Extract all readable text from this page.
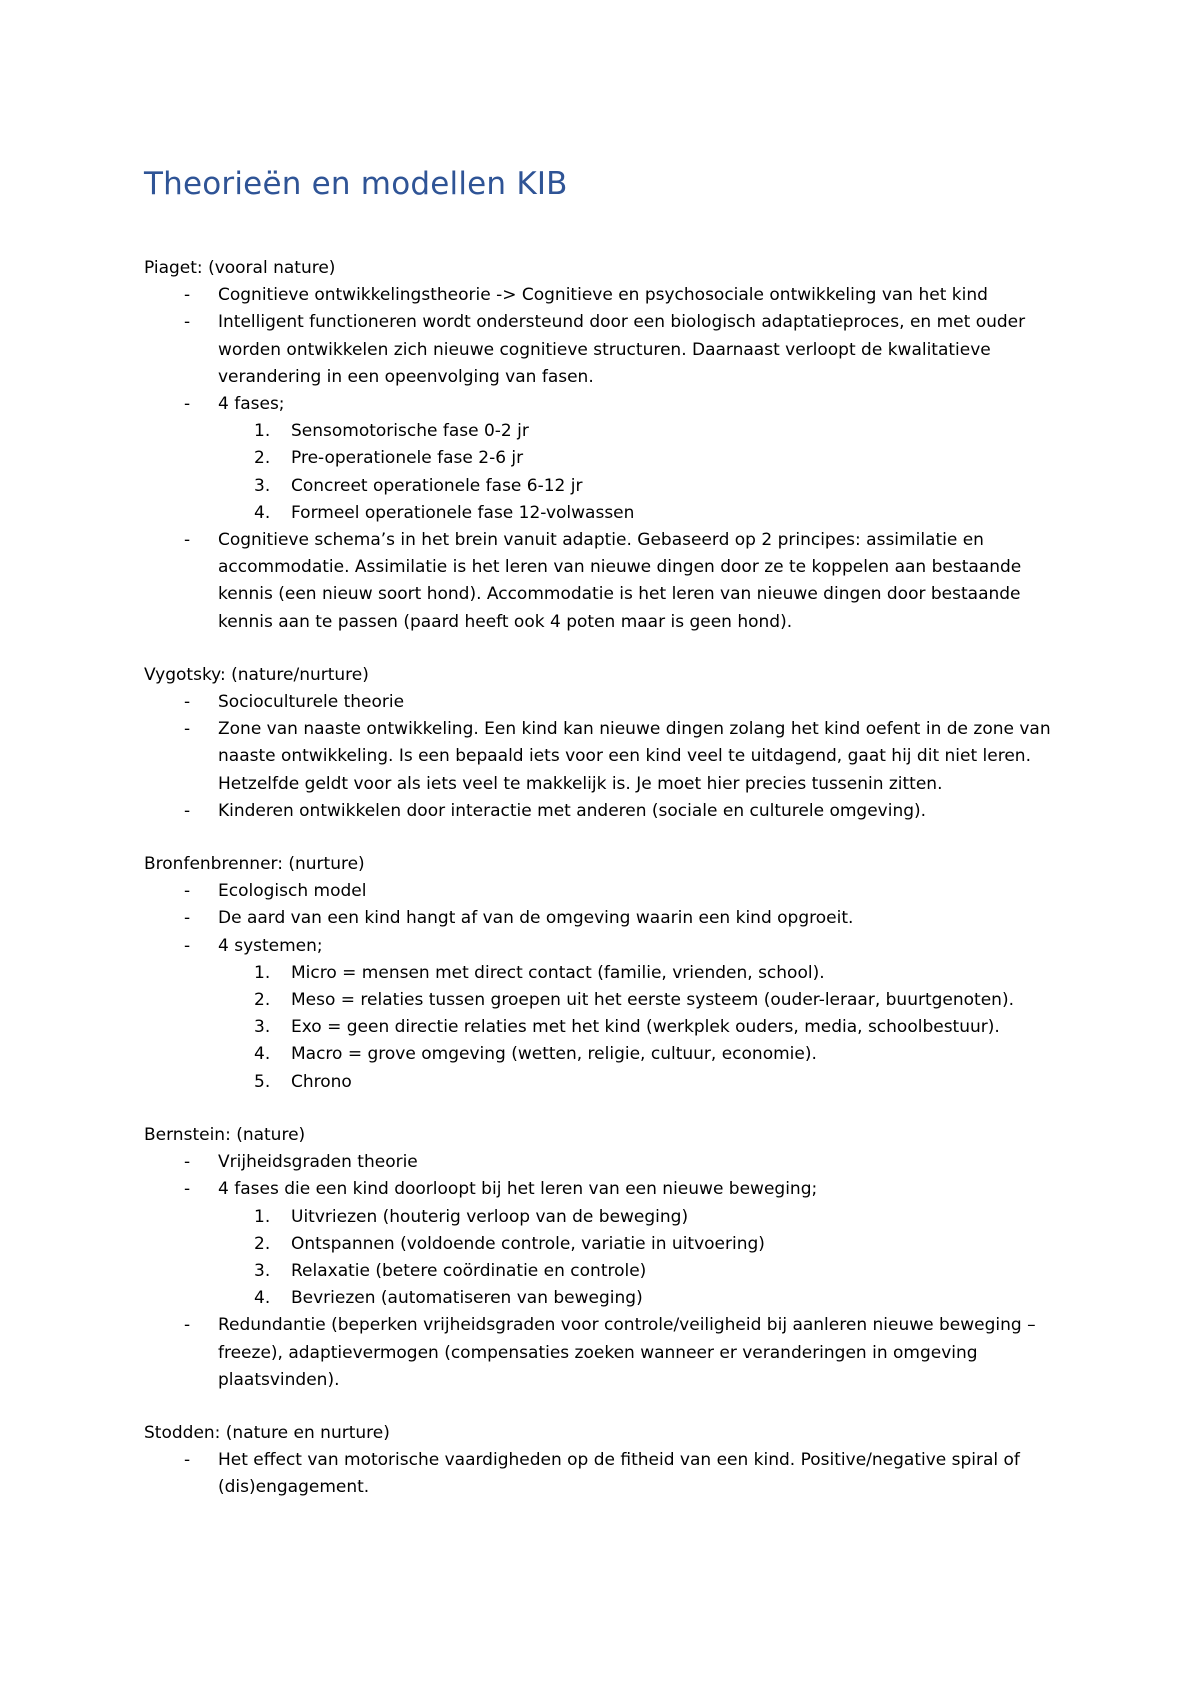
Theorieën en modellen KIB
Piaget: (vooral nature)
- Cognitieve ontwikkelingstheorie -> Cognitieve en psychosociale ontwikkeling van het kind
- Intelligent functioneren wordt ondersteund door een biologisch adaptatieproces, en met ouder worden ontwikkelen zich nieuwe cognitieve structuren. Daarnaast verloopt de kwalitatieve verandering in een opeenvolging van fasen.
- 4 fases;
1.	Sensomotorische fase 0-2 jr
2.	Pre-operationele fase 2-6 jr
3.	Concreet operationele fase 6-12 jr
4.	Formeel operationele fase 12-volwassen
- Cognitieve schema’s in het brein vanuit adaptie. Gebaseerd op 2 principes: assimilatie en accommodatie. Assimilatie is het leren van nieuwe dingen door ze te koppelen aan bestaande kennis (een nieuw soort hond). Accommodatie is het leren van nieuwe dingen door bestaande kennis aan te passen (paard heeft ook 4 poten maar is geen hond).
Vygotsky: (nature/nurture)
- Socioculturele theorie
- Zone van naaste ontwikkeling. Een kind kan nieuwe dingen zolang het kind oefent in de zone van naaste ontwikkeling. Is een bepaald iets voor een kind veel te uitdagend, gaat hij dit niet leren. Hetzelfde geldt voor als iets veel te makkelijk is. Je moet hier precies tussenin zitten.
- Kinderen ontwikkelen door interactie met anderen (sociale en culturele omgeving).
Bronfenbrenner: (nurture)
- Ecologisch model
- De aard van een kind hangt af van de omgeving waarin een kind opgroeit.
- 4 systemen;
1.	Micro = mensen met direct contact (familie, vrienden, school).
2.	Meso = relaties tussen groepen uit het eerste systeem (ouder-leraar, buurtgenoten).
3.	Exo = geen directie relaties met het kind (werkplek ouders, media, schoolbestuur).
4.	Macro = grove omgeving (wetten, religie, cultuur, economie).
5.	Chrono
Bernstein: (nature)
- Vrijheidsgraden theorie
- 4 fases die een kind doorloopt bij het leren van een nieuwe beweging;
1.	Uitvriezen (houterig verloop van de beweging)
2.	Ontspannen (voldoende controle, variatie in uitvoering)
3.	Relaxatie (betere coördinatie en controle)
4.	Bevriezen (automatiseren van beweging)
- Redundantie (beperken vrijheidsgraden voor controle/veiligheid bij aanleren nieuwe beweging – freeze), adaptievermogen (compensaties zoeken wanneer er veranderingen in omgeving plaatsvinden).
Stodden: (nature en nurture)
- Het effect van motorische vaardigheden op de fitheid van een kind. Positive/negative spiral of (dis)engagement.
